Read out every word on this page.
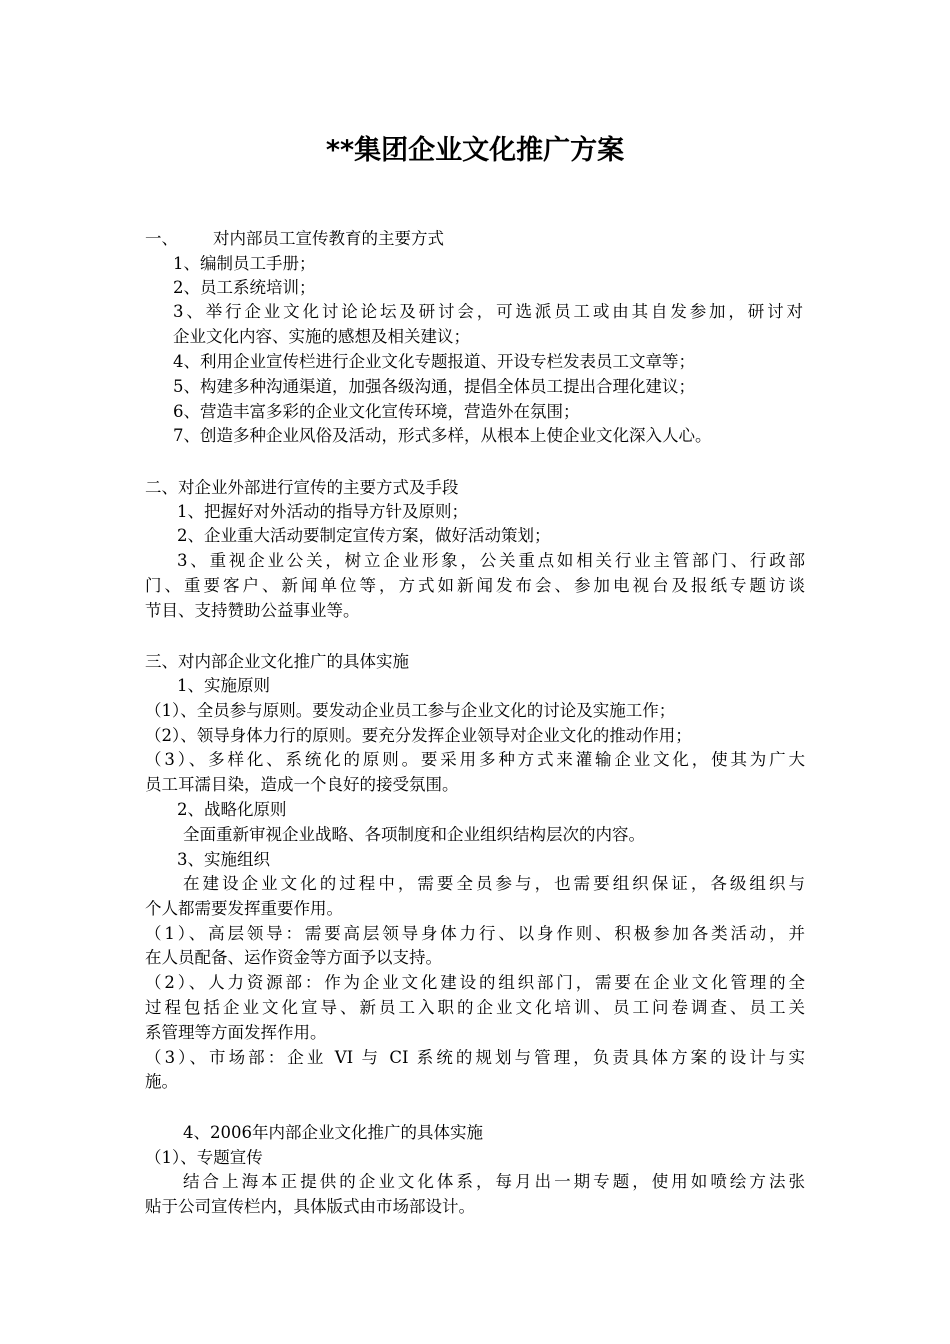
**集团企业文化推广方案
一、 对内部员工宣传教育的主要方式
1、编制员工手册；
2、员工系统培训；
3、举行企业文化讨论论坛及研讨会，可选派员工或由其自发参加，研讨对
企业文化内容、实施的感想及相关建议；
4、利用企业宣传栏进行企业文化专题报道、开设专栏发表员工文章等；
5、构建多种沟通渠道，加强各级沟通，提倡全体员工提出合理化建议；
6、营造丰富多彩的企业文化宣传环境，营造外在氛围；
7、创造多种企业风俗及活动，形式多样，从根本上使企业文化深入人心。
二、对企业外部进行宣传的主要方式及手段
1、把握好对外活动的指导方针及原则；
2、企业重大活动要制定宣传方案，做好活动策划；
3、重视企业公关，树立企业形象，公关重点如相关行业主管部门、行政部
门、重要客户、新闻单位等，方式如新闻发布会、参加电视台及报纸专题访谈
节目、支持赞助公益事业等。
三、对内部企业文化推广的具体实施
1、实施原则
（1）、全员参与原则。要发动企业员工参与企业文化的讨论及实施工作；
（2）、领导身体力行的原则。要充分发挥企业领导对企业文化的推动作用；
（3）、多样化、系统化的原则。要采用多种方式来灌输企业文化，使其为广大
员工耳濡目染，造成一个良好的接受氛围。
2、战略化原则
全面重新审视企业战略、各项制度和企业组织结构层次的内容。
3、实施组织
在建设企业文化的过程中，需要全员参与，也需要组织保证，各级组织与
个人都需要发挥重要作用。
（1）、高层领导：需要高层领导身体力行、以身作则、积极参加各类活动，并
在人员配备、运作资金等方面予以支持。
（2）、人力资源部：作为企业文化建设的组织部门，需要在企业文化管理的全
过程包括企业文化宣导、新员工入职的企业文化培训、员工问卷调查、员工关
系管理等方面发挥作用。
（3）、市场部：企业 VI 与 CI 系统的规划与管理，负责具体方案的设计与实
施。
4、2006年内部企业文化推广的具体实施
（1）、专题宣传
结合上海本正提供的企业文化体系，每月出一期专题，使用如喷绘方法张
贴于公司宣传栏内，具体版式由市场部设计。
